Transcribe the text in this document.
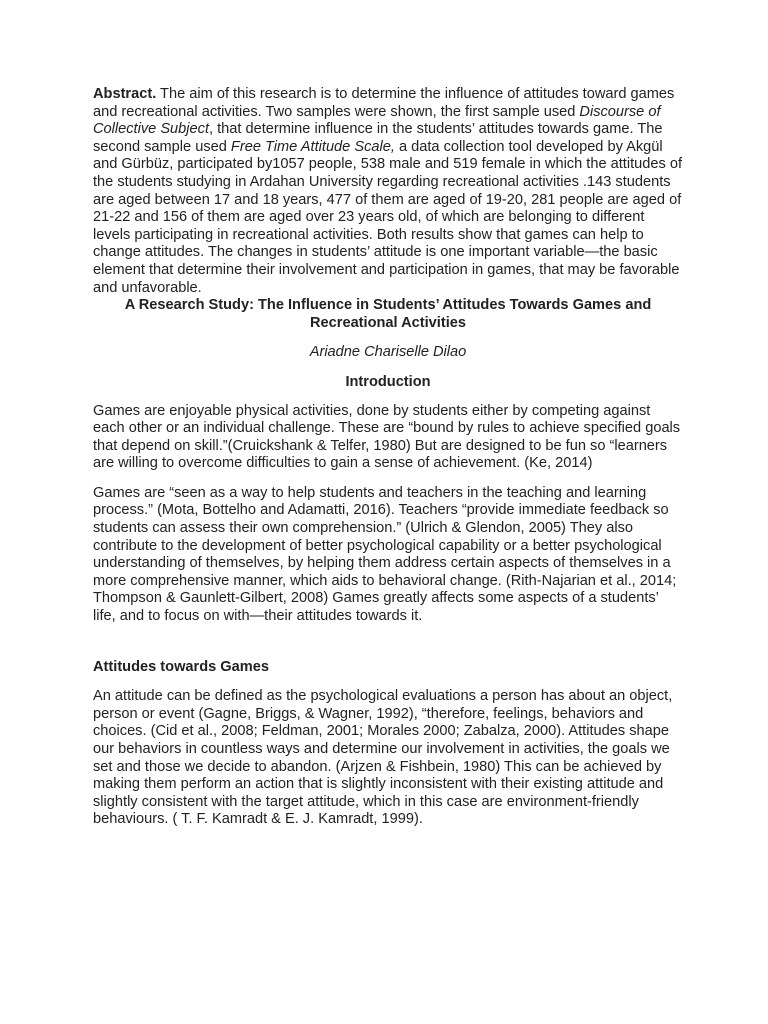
Abstract. The aim of this research is to determine the influence of attitudes toward games and recreational activities. Two samples were shown, the first sample used Discourse of Collective Subject, that determine influence in the students’ attitudes towards game. The second sample used Free Time Attitude Scale, a data collection tool developed by Akgül and Gürbüz, participated by1057 people, 538 male and 519 female in which the attitudes of the students studying in Ardahan University regarding recreational activities .143 students are aged between 17 and 18 years, 477 of them are aged of 19-20, 281 people are aged of 21-22 and 156 of them are aged over 23 years old, of which are belonging to different levels participating in recreational activities. Both results show that games can help to change attitudes. The changes in students’ attitude is one important variable—the basic element that determine their involvement and participation in games, that may be favorable and unfavorable.

A Research Study: The Influence in Students’ Attitudes Towards Games and Recreational Activities

Ariadne Chariselle Dilao

Introduction

Games are enjoyable physical activities, done by students either by competing against each other or an individual challenge. These are “bound by rules to achieve specified goals that depend on skill.”(Cruickshank & Telfer, 1980) But are designed to be fun so “learners are willing to overcome difficulties to gain a sense of achievement. (Ke, 2014)

Games are “seen as a way to help students and teachers in the teaching and learning process.” (Mota, Bottelho and Adamatti, 2016). Teachers “provide immediate feedback so students can assess their own comprehension.” (Ulrich & Glendon, 2005) They also contribute to the development of better psychological capability or a better psychological understanding of themselves, by helping them address certain aspects of themselves in a more comprehensive manner, which aids to behavioral change. (Rith-Najarian et al., 2014; Thompson & Gaunlett-Gilbert, 2008) Games greatly affects some aspects of a students’ life, and to focus on with—their attitudes towards it.

Attitudes towards Games

An attitude can be defined as the psychological evaluations a person has about an object, person or event (Gagne, Briggs, & Wagner, 1992), “therefore, feelings, behaviors and choices. (Cid et al., 2008; Feldman, 2001; Morales 2000; Zabalza, 2000). Attitudes shape our behaviors in countless ways and determine our involvement in activities, the goals we set and those we decide to abandon. (Arjzen & Fishbein, 1980) This can be achieved by making them perform an action that is slightly inconsistent with their existing attitude and slightly consistent with the target attitude, which in this case are environment-friendly behaviours. ( T. F. Kamradt & E. J. Kamradt, 1999).
